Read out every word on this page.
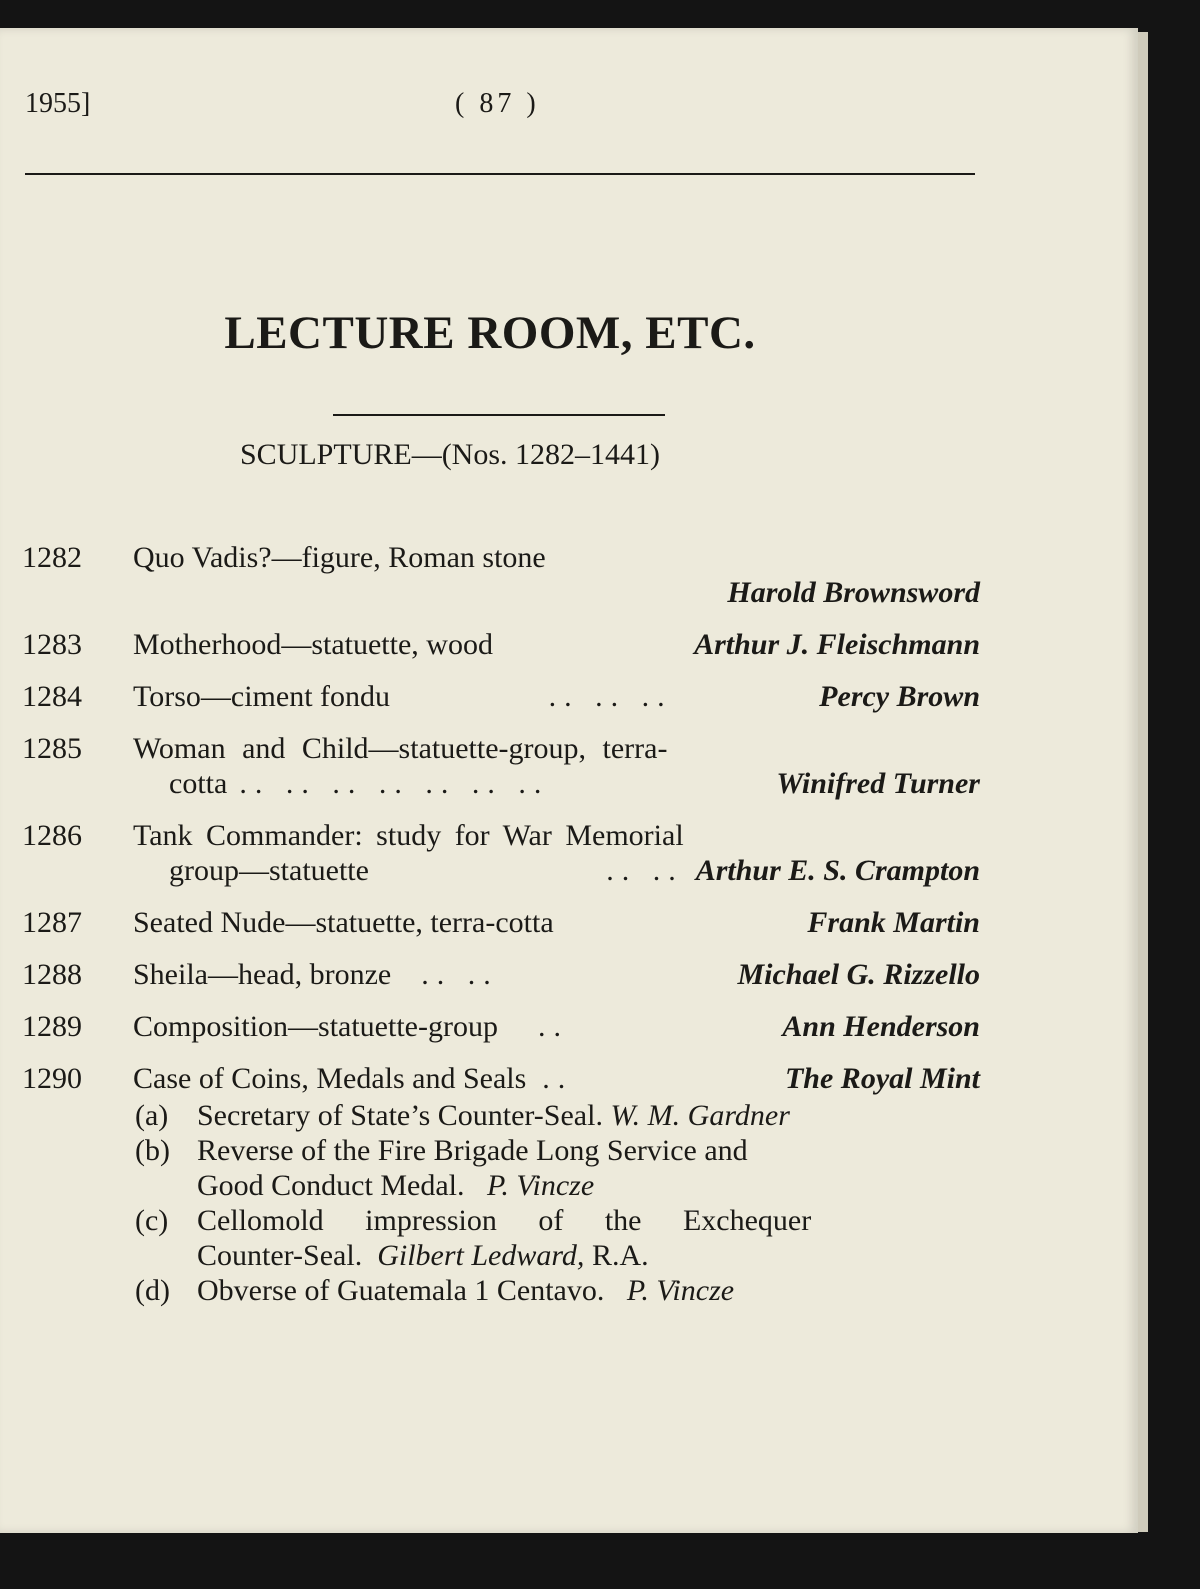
1955]	( 87 )
LECTURE ROOM, ETC.
SCULPTURE—(Nos. 1282–1441)
1282	Quo Vadis?—figure, Roman stone
Harold Brownsword
1283	Motherhood—statuette, wood	Arthur J. Fleischmann
1284	Torso—ciment fondu	.. .. ..	Percy Brown
1285	Woman and Child—statuette-group, terra-
cotta .. .. .. .. .. .. ..	Winifred Turner
1286	Tank Commander: study for War Memorial
group—statuette	.. .. Arthur E. S. Crampton
1287	Seated Nude—statuette, terra-cotta	Frank Martin
1288	Sheila—head, bronze	.. ..	Michael G. Rizzello
1289	Composition—statuette-group	..	Ann Henderson
1290	Case of Coins, Medals and Seals ..	The Royal Mint
(a) Secretary of State’s Counter-Seal.
W. M. Gardner
(b) Reverse of the Fire Brigade Long Service and
Good Conduct Medal. P. Vincze
(c) Cellomold impression of the Exchequer
Counter-Seal. Gilbert Ledward, R.A.
(d) Obverse of Guatemala 1 Centavo. P. Vincze
